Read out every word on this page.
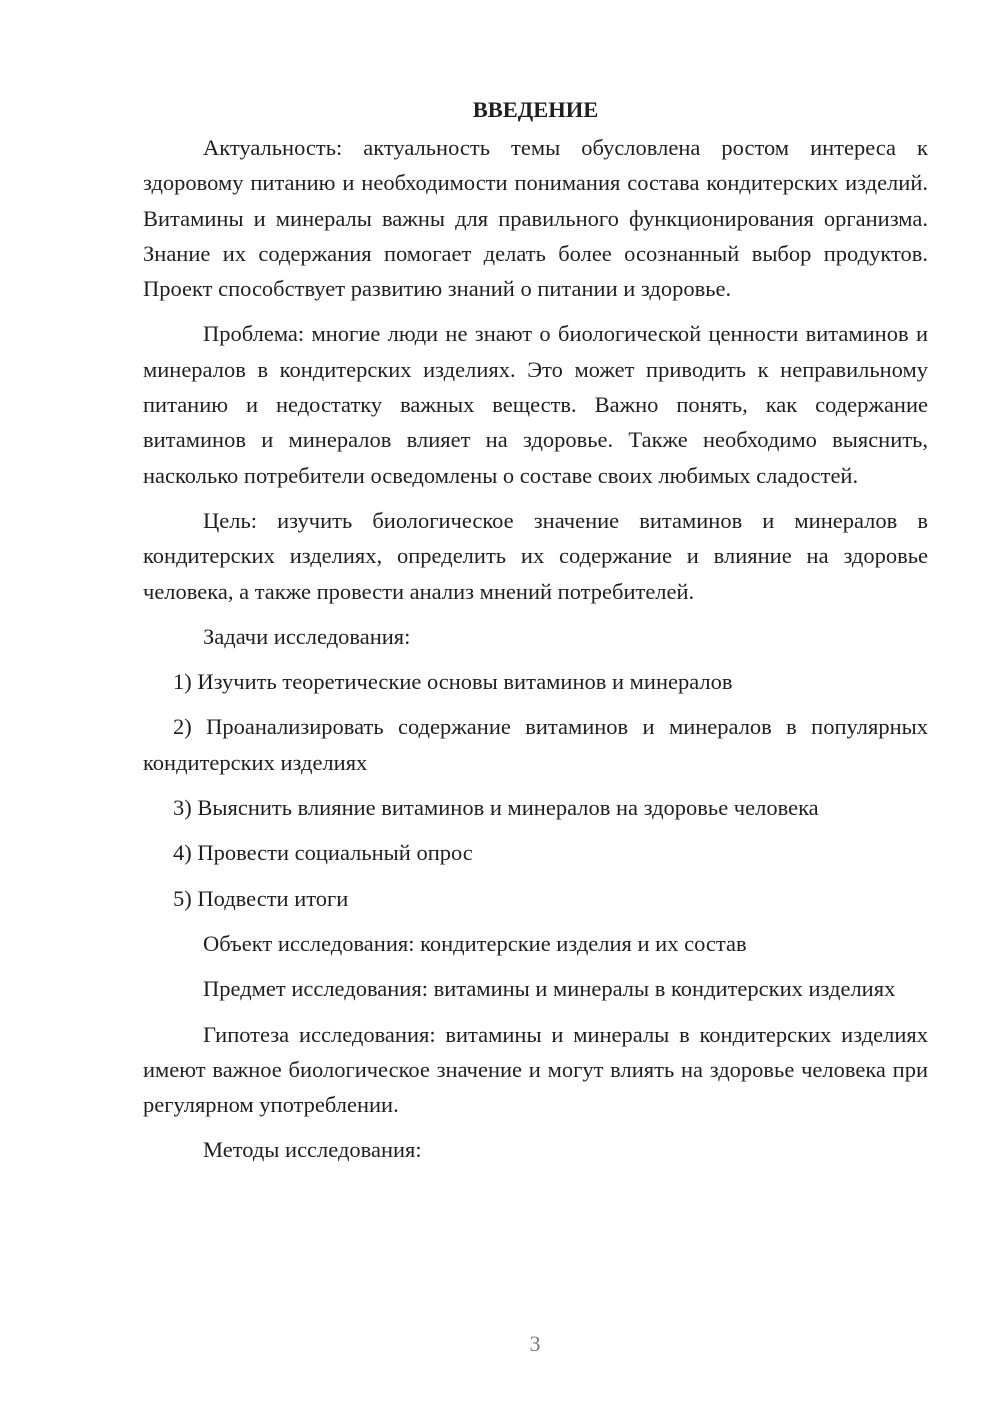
ВВЕДЕНИЕ

Актуальность: актуальность темы обусловлена ростом интереса к здоровому питанию и необходимости понимания состава кондитерских изделий. Витамины и минералы важны для правильного функционирования организма. Знание их содержания помогает делать более осознанный выбор продуктов. Проект способствует развитию знаний о питании и здоровье.

Проблема: многие люди не знают о биологической ценности витаминов и минералов в кондитерских изделиях. Это может приводить к неправильному питанию и недостатку важных веществ. Важно понять, как содержание витаминов и минералов влияет на здоровье. Также необходимо выяснить, насколько потребители осведомлены о составе своих любимых сладостей.

Цель: изучить биологическое значение витаминов и минералов в кондитерских изделиях, определить их содержание и влияние на здоровье человека, а также провести анализ мнений потребителей.

Задачи исследования:

1) Изучить теоретические основы витаминов и минералов

2) Проанализировать содержание витаминов и минералов в популярных кондитерских изделиях

3) Выяснить влияние витаминов и минералов на здоровье человека

4) Провести социальный опрос

5) Подвести итоги

Объект исследования: кондитерские изделия и их состав

Предмет исследования: витамины и минералы в кондитерских изделиях

Гипотеза исследования: витамины и минералы в кондитерских изделиях имеют важное биологическое значение и могут влиять на здоровье человека при регулярном употреблении.

Методы исследования:

3
